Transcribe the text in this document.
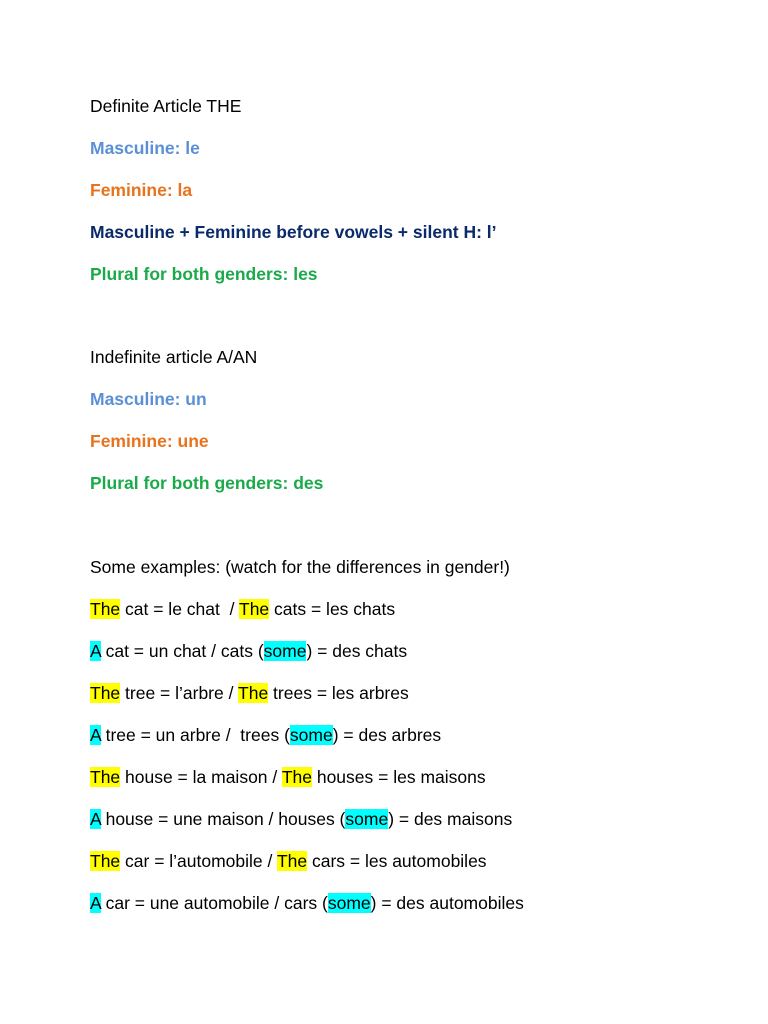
Definite Article THE
Masculine: le
Feminine: la
Masculine + Feminine before vowels + silent H: l’
Plural for both genders: les
Indefinite article A/AN
Masculine: un
Feminine: une
Plural for both genders: des
Some examples: (watch for the differences in gender!)
The cat = le chat  / The cats = les chats
A cat = un chat / cats (some) = des chats
The tree = l’arbre / The trees = les arbres
A tree = un arbre /  trees (some) = des arbres
The house = la maison / The houses = les maisons
A house = une maison / houses (some) = des maisons
The car = l’automobile / The cars = les automobiles
A car = une automobile / cars (some) = des automobiles
